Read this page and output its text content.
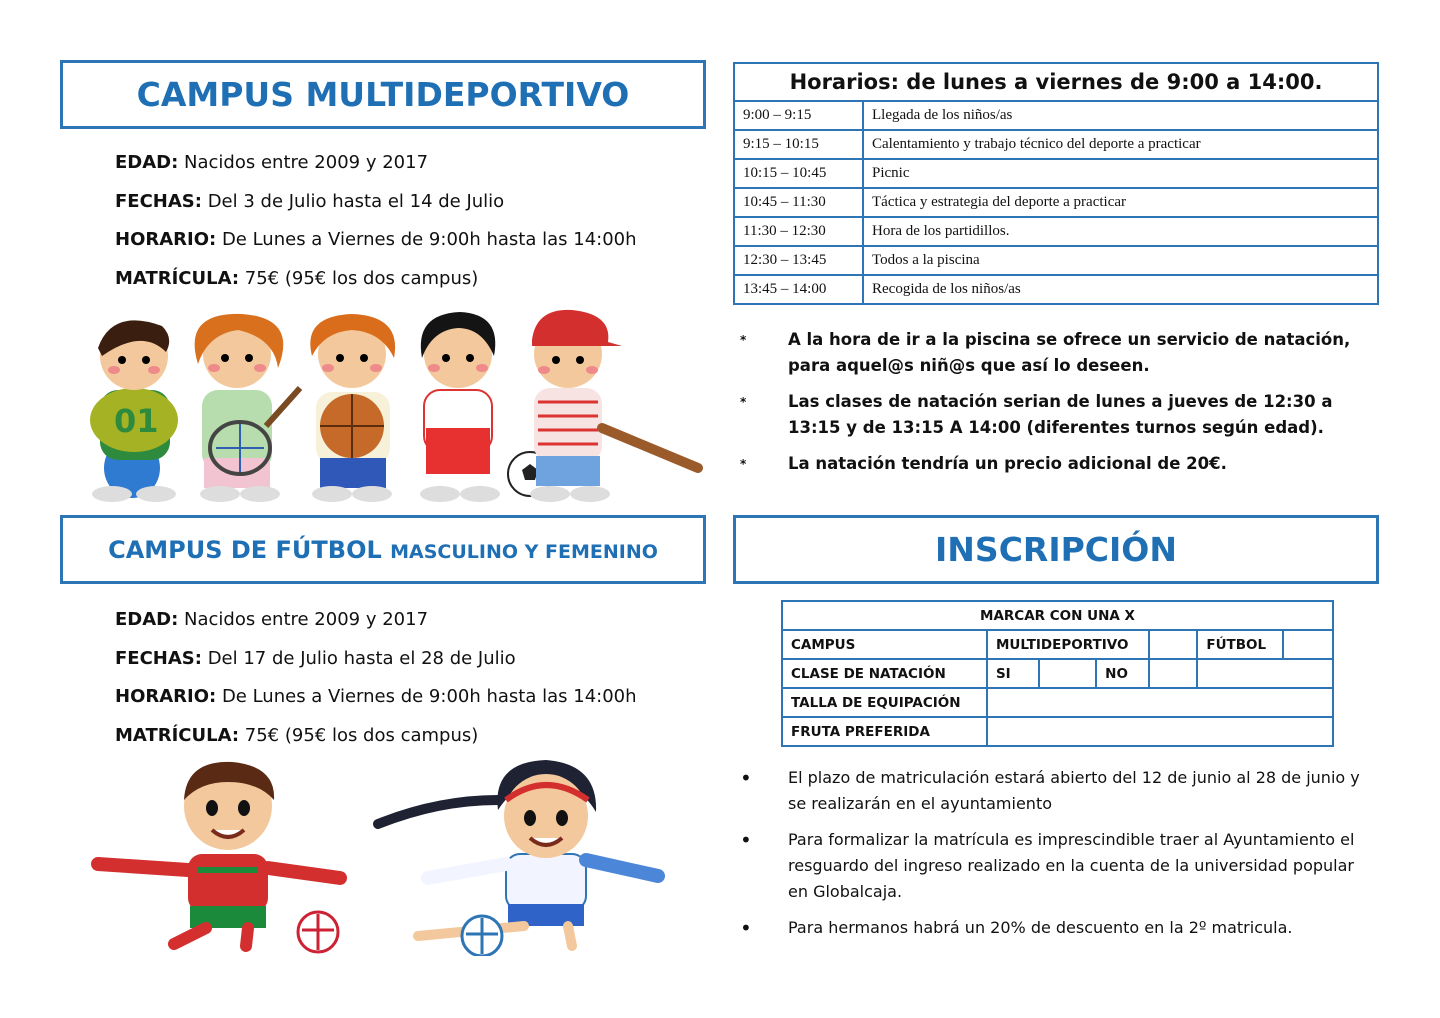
CAMPUS MULTIDEPORTIVO
EDAD: Nacidos entre 2009 y 2017
FECHAS: Del 3 de Julio hasta el 14 de Julio
HORARIO: De Lunes a Viernes de 9:00h hasta las 14:00h
MATRÍCULA: 75€ (95€ los dos campus)
01
Horarios: de lunes a viernes de 9:00 a 14:00.	
9:00 – 9:15	Llegada de los niños/as
9:15 – 10:15	Calentamiento y trabajo técnico del deporte a practicar
10:15 – 10:45	Picnic
10:45 – 11:30	Táctica y estrategia del deporte a practicar
11:30 – 12:30	Hora de los partidillos.
12:30 – 13:45	Todos a la piscina
13:45 – 14:00	Recogida de los niños/as
*	A la hora de ir a la piscina se ofrece un servicio de natación, para aquel@s niñ@s que así lo deseen.
*	Las clases de natación serian de lunes a jueves de 12:30 a 13:15 y de 13:15 A 14:00 (diferentes turnos según edad).
*	La natación tendría un precio adicional de 20€.
CAMPUS DE FÚTBOL MASCULINO Y FEMENINO
EDAD: Nacidos entre 2009 y 2017
FECHAS: Del 17 de Julio hasta el 28 de Julio
HORARIO: De Lunes a Viernes de 9:00h hasta las 14:00h
MATRÍCULA: 75€ (95€ los dos campus)
INSCRIPCIÓN
MARCAR CON UNA X						
CAMPUS	MULTIDEPORTIVO				FÚTBOL	
CLASE DE NATACIÓN	SI		NO			
TALLA DE EQUIPACIÓN						
FRUTA PREFERIDA						
• El plazo de matriculación estará abierto del 12 de junio al 28 de junio y se realizarán en el ayuntamiento
• Para formalizar la matrícula es imprescindible traer al Ayuntamiento el resguardo del ingreso realizado en la cuenta de la universidad popular en Globalcaja.
• Para hermanos habrá un 20% de descuento en la 2º matricula.
